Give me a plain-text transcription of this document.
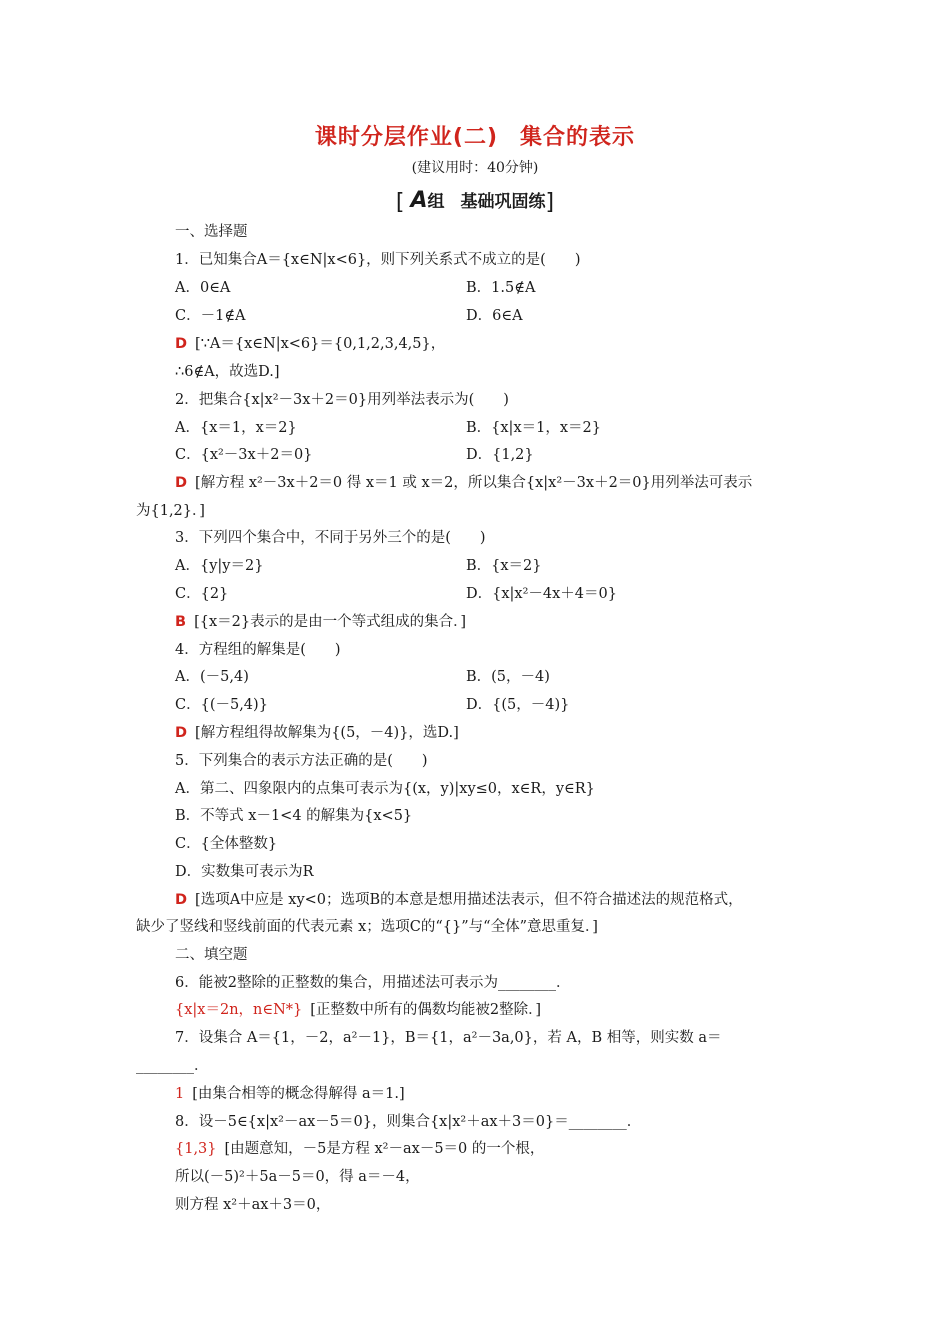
课时分层作业(二) 集合的表示
(建议用时：40分钟)
[ A组 基础巩固练]
一、选择题
1．已知集合A＝{x∈N|x<6}，则下列关系式不成立的是(　　)
A．0∈A	B．1.5∉A
C．－1∉A	D．6∈A
D [∵A＝{x∈N|x<6}＝{0,1,2,3,4,5}，
∴6∉A，故选D.]
2．把集合{x|x²－3x＋2＝0}用列举法表示为(　　)
A．{x＝1，x＝2}	B．{x|x＝1，x＝2}
C．{x²－3x＋2＝0}	D．{1,2}
D [解方程 x²－3x＋2＝0 得 x＝1 或 x＝2，所以集合{x|x²－3x＋2＝0}用列举法可表示
为{1,2}．]
3．下列四个集合中，不同于另外三个的是(　　)
A．{y|y＝2}	B．{x＝2}
C．{2}	D．{x|x²－4x＋4＝0}
B [{x＝2}表示的是由一个等式组成的集合．]
4．方程组的解集是(　　)
A．(－5,4)	B．(5，－4)
C．{(－5,4)}	D．{(5，－4)}
D [解方程组得故解集为{(5，－4)}，选D.]
5．下列集合的表示方法正确的是(　　)
A．第二、四象限内的点集可表示为{(x，y)|xy≤0，x∈R，y∈R}
B．不等式 x－1<4 的解集为{x<5}
C．{全体整数}
D．实数集可表示为R
D [选项A中应是 xy<0；选项B的本意是想用描述法表示，但不符合描述法的规范格式，
缺少了竖线和竖线前面的代表元素 x；选项C的“{}”与“全体”意思重复．]
二、填空题
6．能被2整除的正整数的集合，用描述法可表示为________．
{x|x＝2n，n∈N*} [正整数中所有的偶数均能被2整除．]
7．设集合 A＝{1，－2，a²－1}，B＝{1，a²－3a,0}，若 A，B 相等，则实数 a＝
________．
1 [由集合相等的概念得解得 a＝1.]
8．设－5∈{x|x²－ax－5＝0}，则集合{x|x²＋ax＋3＝0}＝________．
{1,3} [由题意知，－5是方程 x²－ax－5＝0 的一个根，
所以(－5)²＋5a－5＝0，得 a＝－4，
则方程 x²＋ax＋3＝0，
